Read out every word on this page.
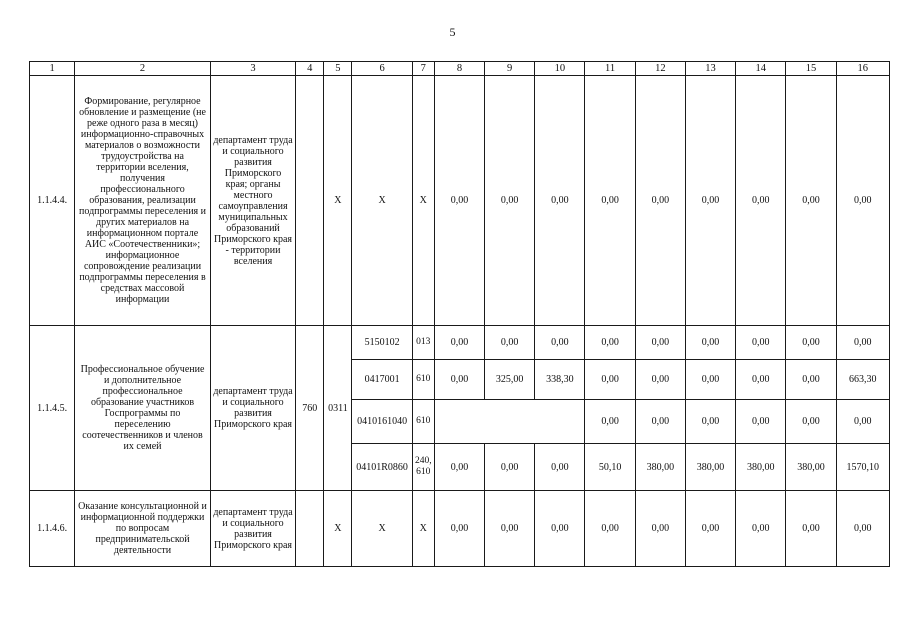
5
1	2	3	4	5	6	7	8	9	10	11	12	13	14	15	16
1.1.4.4.	Формирование, регулярное обновление и размещение (не реже одного раза в месяц) информационно-справочных материалов о возможности трудоустройства на территории вселения, получения профессионального образования, реализации подпрограммы переселения и других материалов на информационном портале АИС «Соотечественники»; информационное сопровождение реализации подпрограммы переселения в средствах массовой информации	департамент труда и социального развития Приморского края; органы местного самоуправления муниципальных образований Приморского края - территории вселения		Х	Х	Х	0,00	0,00	0,00	0,00	0,00	0,00	0,00	0,00	0,00
1.1.4.5.	Профессиональное обучение и дополнительное профессиональное образование участников Госпрограммы по переселению соотечественников и членов их семей	департамент труда и социального развития Приморского края	760	0311	5150102	013	0,00	0,00	0,00	0,00	0,00	0,00	0,00	0,00	0,00
					0417001	610	0,00	325,00	338,30	0,00	0,00	0,00	0,00	0,00	663,30
					0410161040	610				0,00	0,00	0,00	0,00	0,00	0,00
					04101R0860	240, 610	0,00	0,00	0,00	50,10	380,00	380,00	380,00	380,00	1570,10
1.1.4.6.	Оказание консультационной и информационной поддержки по вопросам предпринимательской деятельности	департамент труда и социального развития Приморского края		Х	Х	Х	0,00	0,00	0,00	0,00	0,00	0,00	0,00	0,00	0,00
